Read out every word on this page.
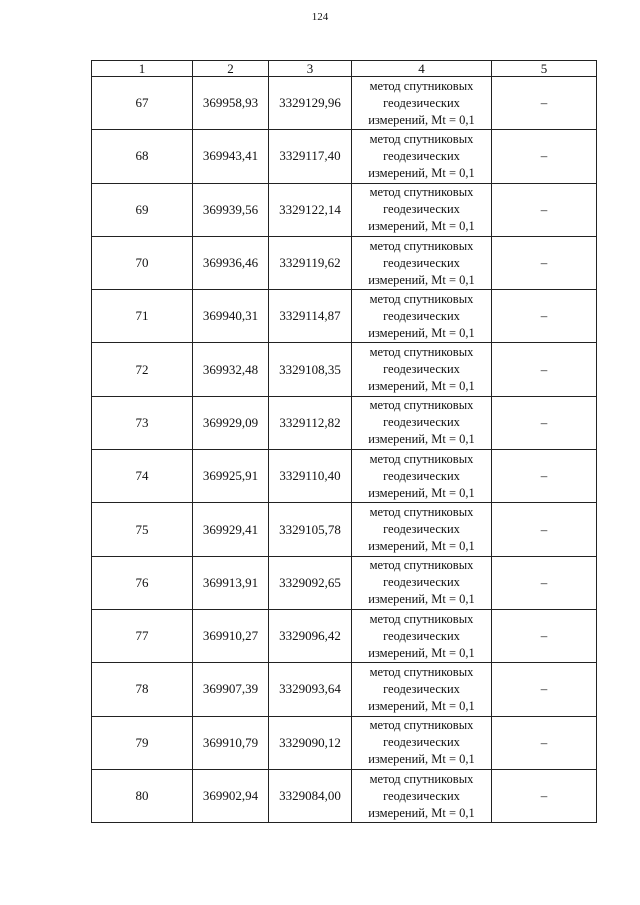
124
1	2	3	4	5
67	369958,93	3329129,96	метод спутниковых
геодезических
измерений, Mt = 0,1	–
68	369943,41	3329117,40	метод спутниковых
геодезических
измерений, Mt = 0,1	–
69	369939,56	3329122,14	метод спутниковых
геодезических
измерений, Mt = 0,1	–
70	369936,46	3329119,62	метод спутниковых
геодезических
измерений, Mt = 0,1	–
71	369940,31	3329114,87	метод спутниковых
геодезических
измерений, Mt = 0,1	–
72	369932,48	3329108,35	метод спутниковых
геодезических
измерений, Mt = 0,1	–
73	369929,09	3329112,82	метод спутниковых
геодезических
измерений, Mt = 0,1	–
74	369925,91	3329110,40	метод спутниковых
геодезических
измерений, Mt = 0,1	–
75	369929,41	3329105,78	метод спутниковых
геодезических
измерений, Mt = 0,1	–
76	369913,91	3329092,65	метод спутниковых
геодезических
измерений, Mt = 0,1	–
77	369910,27	3329096,42	метод спутниковых
геодезических
измерений, Mt = 0,1	–
78	369907,39	3329093,64	метод спутниковых
геодезических
измерений, Mt = 0,1	–
79	369910,79	3329090,12	метод спутниковых
геодезических
измерений, Mt = 0,1	–
80	369902,94	3329084,00	метод спутниковых
геодезических
измерений, Mt = 0,1	–
